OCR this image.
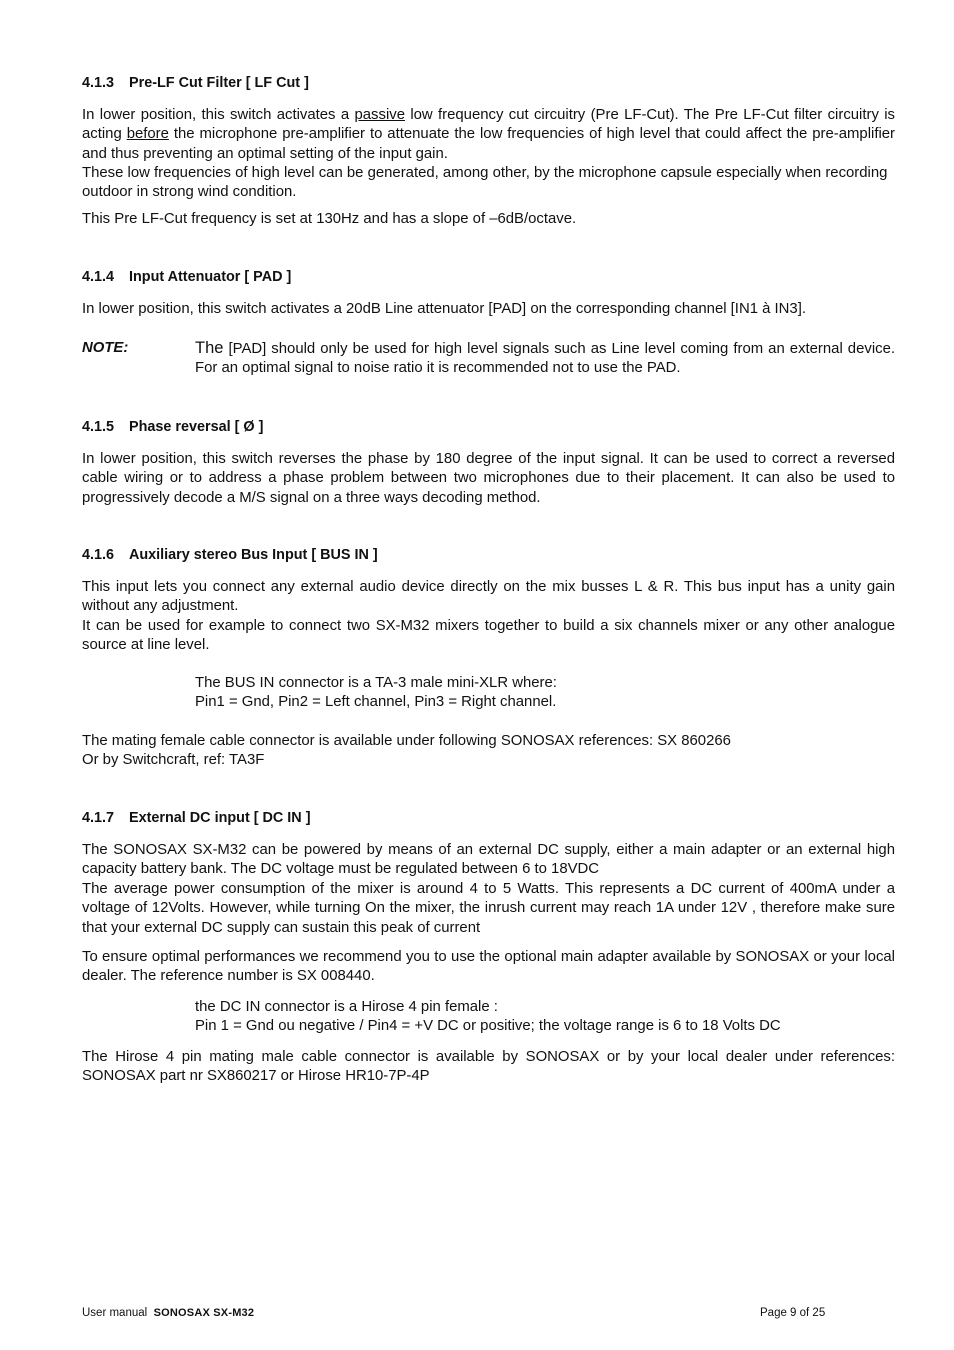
4.1.3 Pre-LF Cut Filter [ LF Cut ]

In lower position, this switch activates a passive low frequency cut circuitry (Pre LF-Cut). The Pre LF-Cut filter circuitry is acting before the microphone pre-amplifier to attenuate the low frequencies of high level that could affect the pre-amplifier and thus preventing an optimal setting of the input gain.

These low frequencies of high level can be generated, among other, by the microphone capsule especially when recording outdoor in strong wind condition.

This Pre LF-Cut frequency is set at 130Hz and has a slope of –6dB/octave.

4.1.4 Input Attenuator [ PAD ]

In lower position, this switch activates a 20dB Line attenuator [PAD] on the corresponding channel [IN1 à IN3].

NOTE:	The [PAD] should only be used for high level signals such as Line level coming from an external device. For an optimal signal to noise ratio it is recommended not to use the PAD.

4.1.5 Phase reversal [ Ø ]

In lower position, this switch reverses the phase by 180 degree of the input signal. It can be used to correct a reversed cable wiring or to address a phase problem between two microphones due to their placement. It can also be used to progressively decode a M/S signal on a three ways decoding method.

4.1.6 Auxiliary stereo Bus Input [ BUS IN ]

This input lets you connect any external audio device directly on the mix busses L & R. This bus input has a unity gain without any adjustment.

It can be used for example to connect two SX-M32 mixers together to build a six channels mixer or any other analogue source at line level.

The BUS IN connector is a TA-3 male mini-XLR where:

Pin1 = Gnd, Pin2 = Left channel, Pin3 = Right channel.

The mating female cable connector is available under following SONOSAX references: SX 860266

Or by Switchcraft, ref: TA3F

4.1.7 External DC input [ DC IN ]

The SONOSAX SX-M32 can be powered by means of an external DC supply, either a main adapter or an external high capacity battery bank. The DC voltage must be regulated between 6 to 18VDC

The average power consumption of the mixer is around 4 to 5 Watts. This represents a DC current of 400mA under a voltage of 12Volts. However, while turning On the mixer, the inrush current may reach 1A under 12V , therefore make sure that your external DC supply can sustain this peak of current

To ensure optimal performances we recommend you to use the optional main adapter available by SONOSAX or your local dealer. The reference number is SX 008440.

the DC IN connector is a Hirose 4 pin female :

Pin 1 = Gnd ou negative / Pin4 = +V DC or positive; the voltage range is 6 to 18 Volts DC

The Hirose 4 pin mating male cable connector is available by SONOSAX or by your local dealer under references: SONOSAX part nr SX860217 or Hirose HR10-7P-4P

User manual SONOSAX SX-M32	Page 9 of 25
